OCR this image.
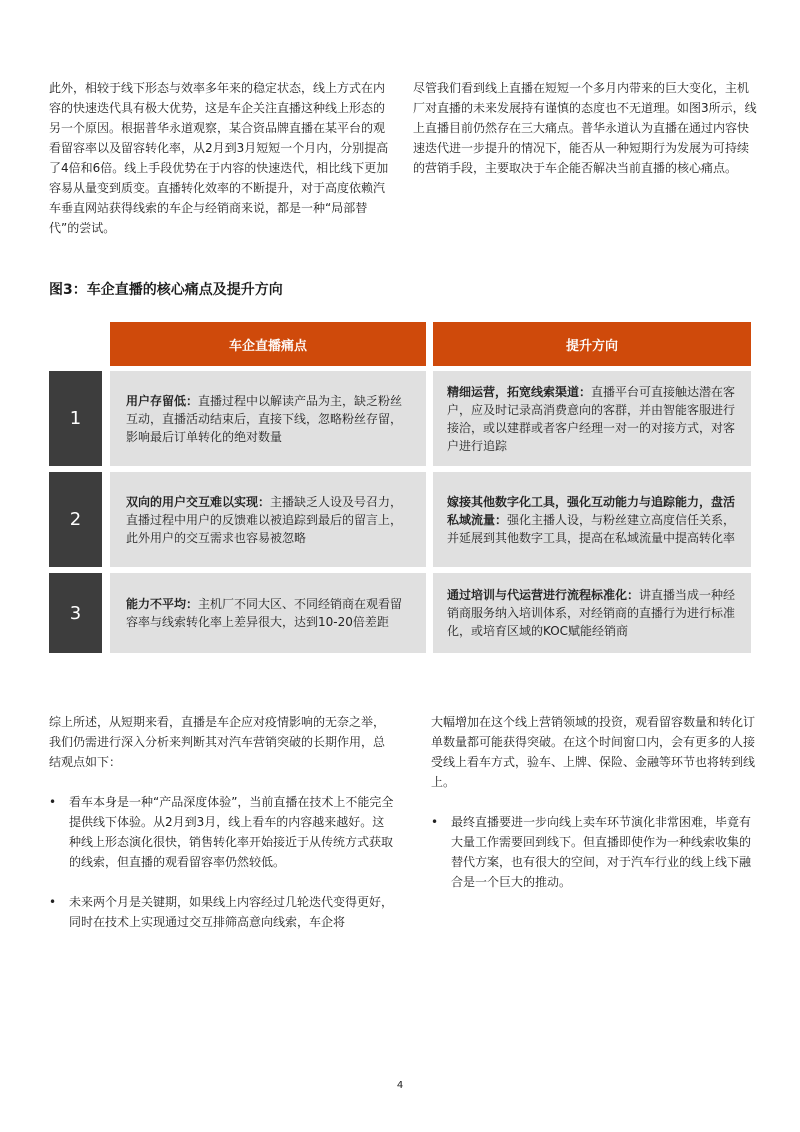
此外，相较于线下形态与效率多年来的稳定状态，线上方式在内容的快速迭代具有极大优势，这是车企关注直播这种线上形态的另一个原因。根据普华永道观察，某合资品牌直播在某平台的观看留容率以及留容转化率，从2月到3月短短一个月内，分别提高了4倍和6倍。线上手段优势在于内容的快速迭代，相比线下更加容易从量变到质变。直播转化效率的不断提升，对于高度依赖汽车垂直网站获得线索的车企与经销商来说，都是一种“局部替代”的尝试。
尽管我们看到线上直播在短短一个多月内带来的巨大变化，主机厂对直播的未来发展持有谨慎的态度也不无道理。如图3所示，线上直播目前仍然存在三大痛点。普华永道认为直播在通过内容快速迭代进一步提升的情况下，能否从一种短期行为发展为可持续的营销手段，主要取决于车企能否解决当前直播的核心痛点。
图3：车企直播的核心痛点及提升方向
车企直播痛点	提升方向
1
用户存留低：直播过程中以解读产品为主，缺乏粉丝互动，直播活动结束后，直接下线，忽略粉丝存留，影响最后订单转化的绝对数量
精细运营，拓宽线索渠道：直播平台可直接触达潜在客户，应及时记录高消费意向的客群，并由智能客服进行接洽，或以建群或者客户经理一对一的对接方式，对客户进行追踪
2
双向的用户交互难以实现：主播缺乏人设及号召力，直播过程中用户的反馈难以被追踪到最后的留言上，此外用户的交互需求也容易被忽略
嫁接其他数字化工具，强化互动能力与追踪能力，盘活私域流量：强化主播人设，与粉丝建立高度信任关系，并延展到其他数字工具，提高在私域流量中提高转化率
3	能力不平均：主机厂不同大区、不同经销商在观看留容率与线索转化率上差异很大，达到10-20倍差距
通过培训与代运营进行流程标准化：讲直播当成一种经销商服务纳入培训体系，对经销商的直播行为进行标准化，或培育区域的KOC赋能经销商

综上所述，从短期来看，直播是车企应对疫情影响的无奈之举，我们仍需进行深入分析来判断其对汽车营销突破的长期作用，总结观点如下：

• 看车本身是一种“产品深度体验”，当前直播在技术上不能完全提供线下体验。从2月到3月，线上看车的内容越来越好。这种线上形态演化很快，销售转化率开始接近于从传统方式获取的线索，但直播的观看留容率仍然较低。
• 未来两个月是关键期，如果线上内容经过几轮迭代变得更好，同时在技术上实现通过交互排筛高意向线索，车企将

大幅增加在这个线上营销领域的投资，观看留容数量和转化订单数量都可能获得突破。在这个时间窗口内，会有更多的人接受线上看车方式，验车、上牌、保险、金融等环节也将转到线上。

• 最终直播要进一步向线上卖车环节演化非常困难，毕竟有大量工作需要回到线下。但直播即使作为一种线索收集的替代方案，也有很大的空间，对于汽车行业的线上线下融合是一个巨大的推动。
4
